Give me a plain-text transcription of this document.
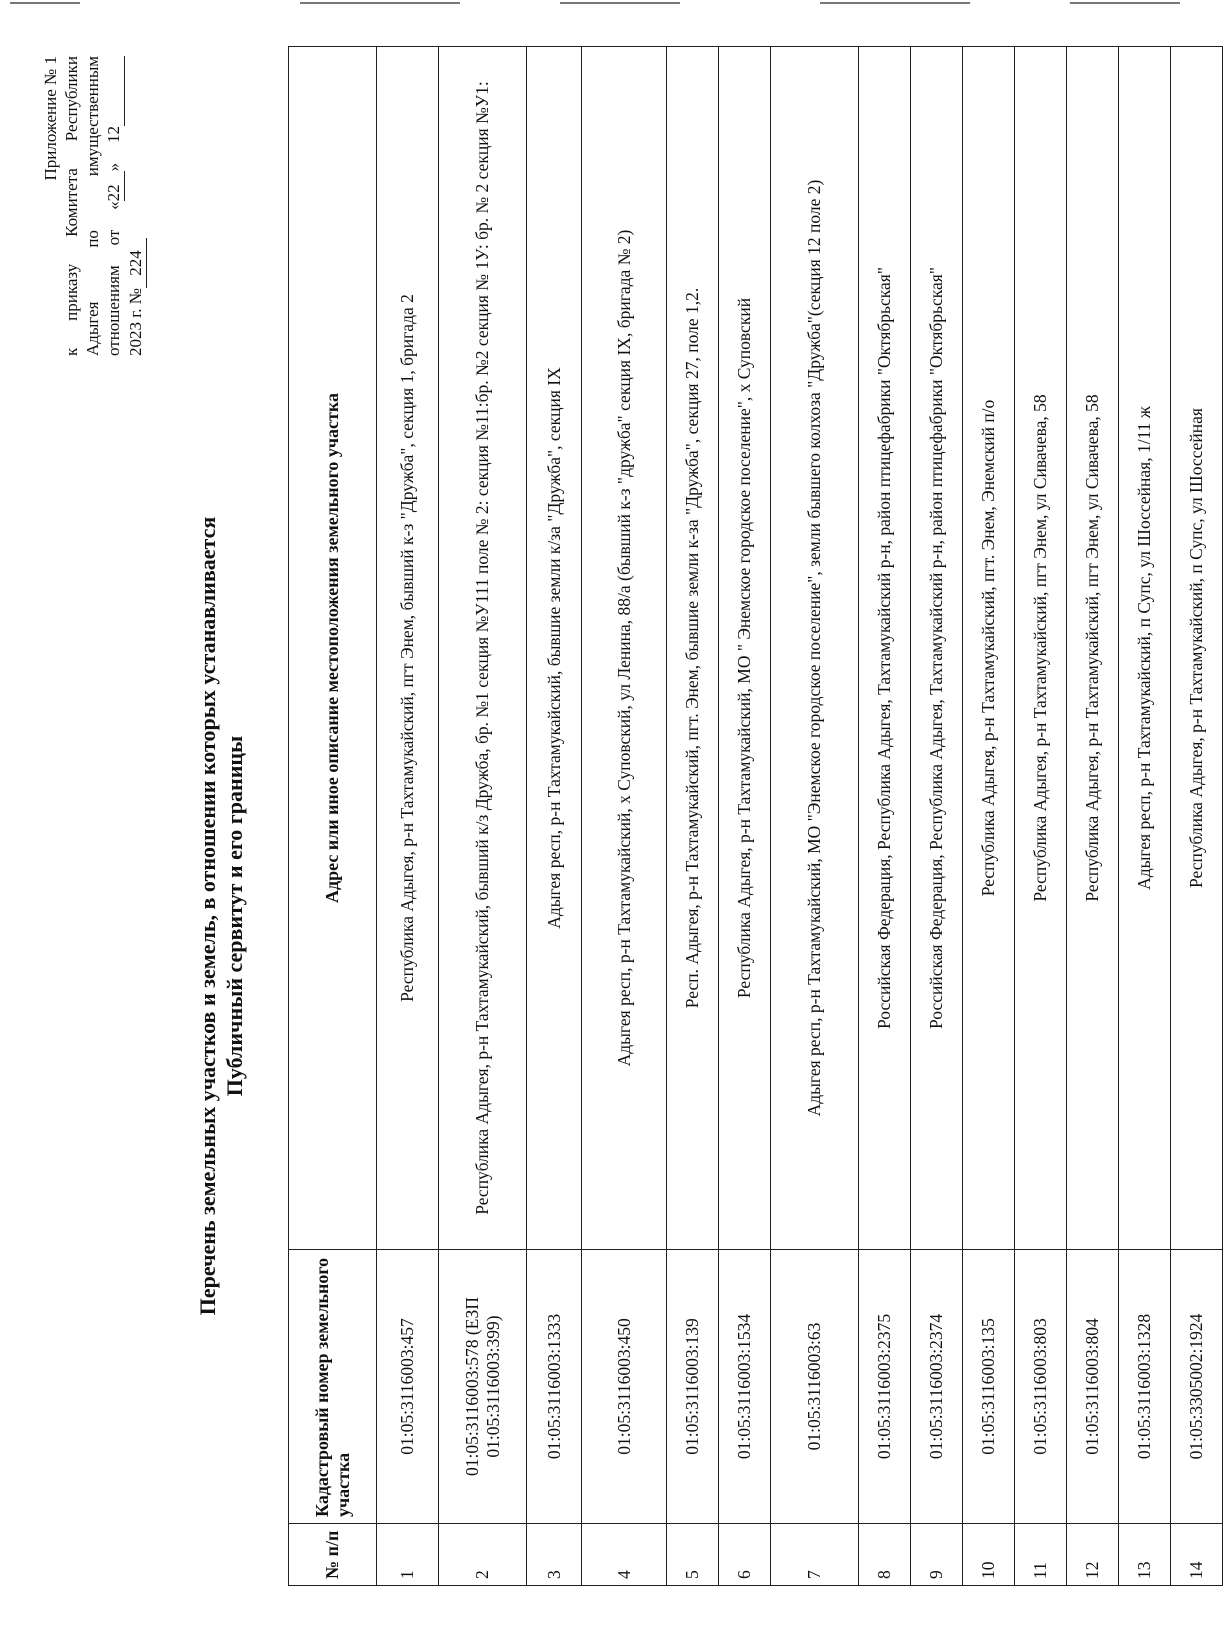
Приложение № 1 к приказу Комитета Республики Адыгея по имущественным отношениям от «22» 12
2023 г. №224
Перечень земельных участков и земель, в отношении которых устанавливается Публичный сервитут и его границы
№ п/п	Кадастровый номер земельного участка	Адрес или иное описание местоположения земельного участка
1	01:05:3116003:457	Республика Адыгея, р-н Тахтамукайский, пгт Энем, бывший к-з "Дружба", секция 1, бригада 2
2	01:05:3116003:578 (ЕЗП 01:05:3116003:399)	Республика Адыгея, р-н Тахтамукайский, бывший к/з Дружба, бр. №1 секция №У111 поле № 2: секция №11:бр. №2 секция № 1У: бр. № 2 секция №У1:
3	01:05:3116003:1333	Адыгея респ, р-н Тахтамукайский, бывшие земли к/за "Дружба", секция IX
4	01:05:3116003:450	Адыгея респ, р-н Тахтамукайский, х Суповский, ул Ленина, 88/а (бывший к-з "дружба" секция IX, бригада № 2)
5	01:05:3116003:139	Респ. Адыгея, р-н Тахтамукайский, пгт. Энем, бывшие земли к-за "Дружба", секция 27, поле 1,2.
6	01:05:3116003:1534	Республика Адыгея, р-н Тахтамукайский, МО " Энемское городское поселение", х Суповский
7	01:05:3116003:63	Адыгея респ, р-н Тахтамукайский, МО "Энемское городское поселение", земли бывшего колхоза "Дружба"(секция 12 поле 2)
8	01:05:3116003:2375	Российская Федерация, Республика Адыгея, Тахтамукайский р-н, район птицефабрики "Октябрьская"
9	01:05:3116003:2374	Российская Федерация, Республика Адыгея, Тахтамукайский р-н, район птицефабрики "Октябрьская"
10	01:05:3116003:135	Республика Адыгея, р-н Тахтамукайский, пгт. Энем, Энемский п/о
11	01:05:3116003:803	Республика Адыгея, р-н Тахтамукайский, пгт Энем, ул Сивачева, 58
12	01:05:3116003:804	Республика Адыгея, р-н Тахтамукайский, пгт Энем, ул Сивачева, 58
13	01:05:3116003:1328	Адыгея респ, р-н Тахтамукайский, п Супс, ул Шоссейная, 1/11 ж
14	01:05:3305002:1924	Республика Адыгея, р-н Тахтамукайский, п Супс, ул Шоссейная
